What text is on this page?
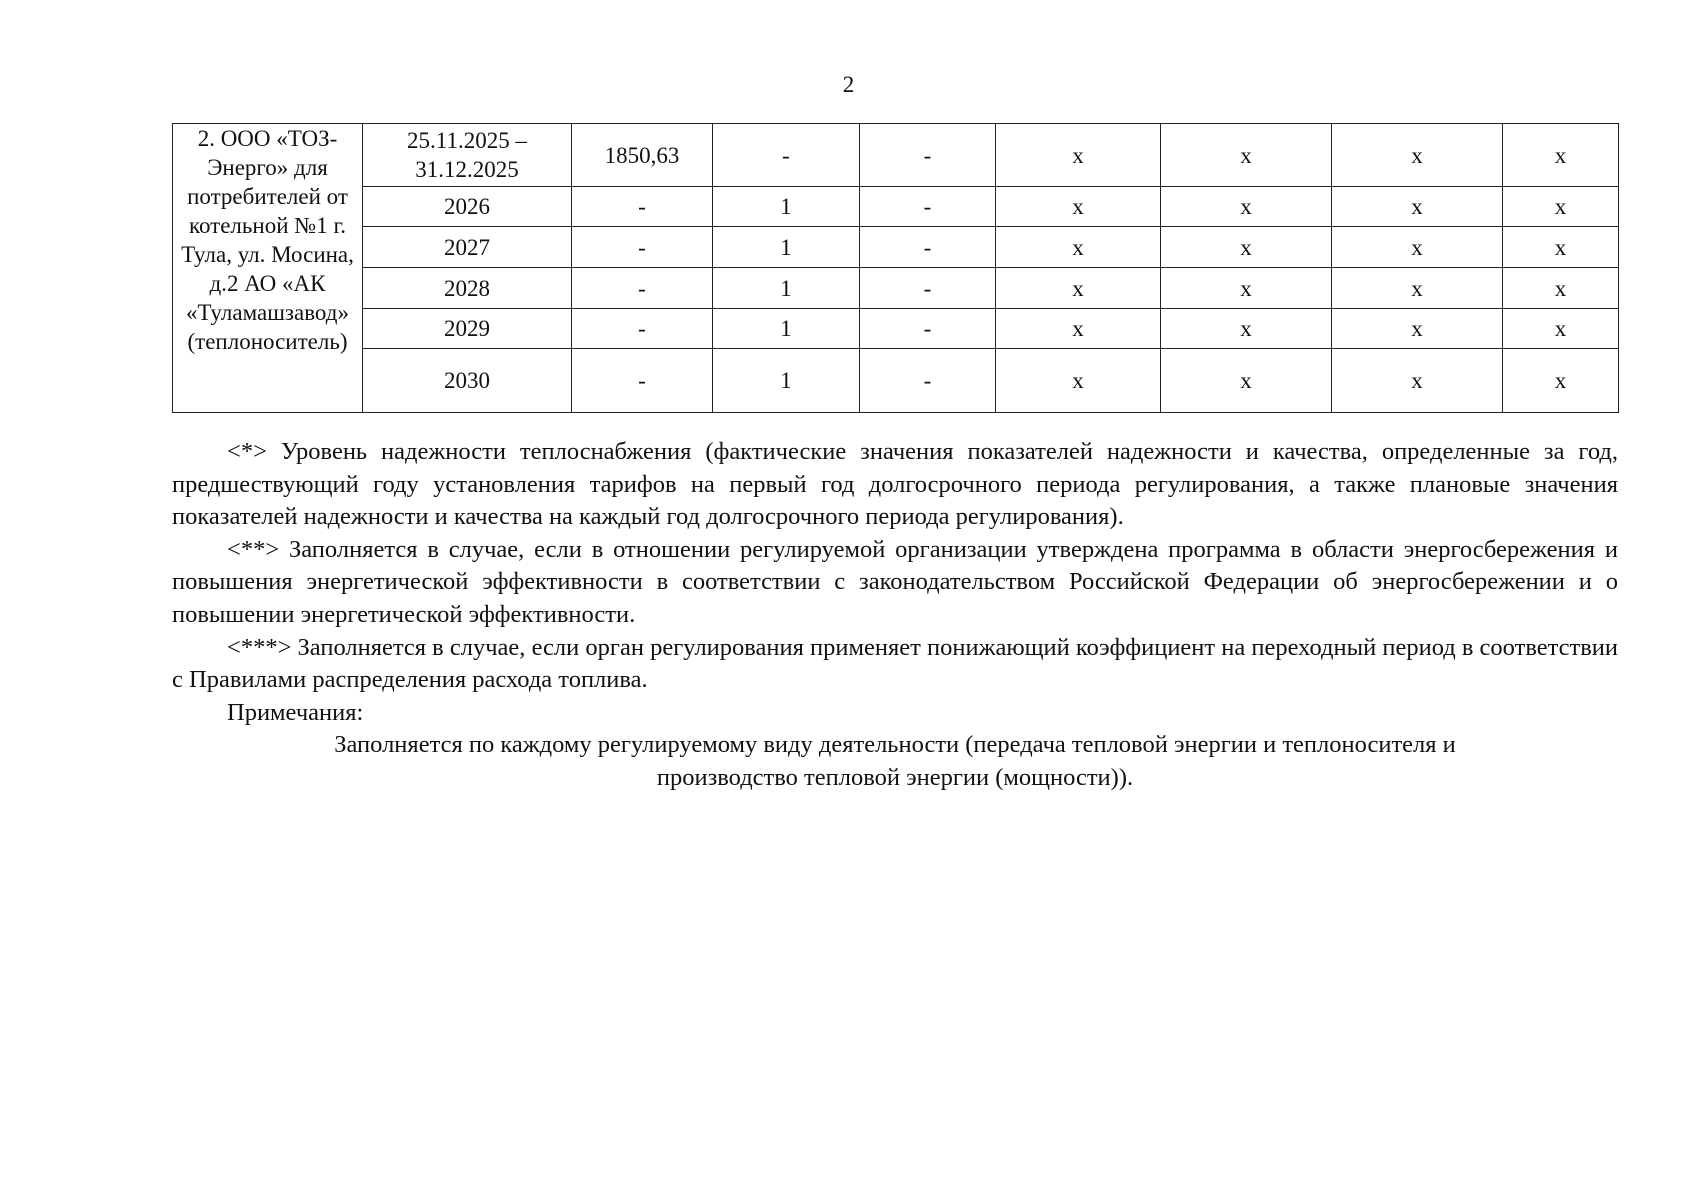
2
2. ООО «ТОЗ-Энерго» для потребителей от котельной №1 г. Тула, ул. Мосина, д.2 АО «АК «Туламашзавод» (теплоноситель)	25.11.2025 – 31.12.2025	1850,63	-	-	х	х	х	х
	2026	-	1	-	х	х	х	х
	2027	-	1	-	х	х	х	х
	2028	-	1	-	х	х	х	х
	2029	-	1	-	х	х	х	х
	2030	-	1	-	х	х	х	х

<*> Уровень надежности теплоснабжения (фактические значения показателей надежности и качества, определенные за год, предшествующий году установления тарифов на первый год долгосрочного периода регулирования, а также плановые значения показателей надежности и качества на каждый год долгосрочного периода регулирования).

<**> Заполняется в случае, если в отношении регулируемой организации утверждена программа в области энергосбережения и повышения энергетической эффективности в соответствии с законодательством Российской Федерации об энергосбережении и о повышении энергетической эффективности.

<***> Заполняется в случае, если орган регулирования применяет понижающий коэффициент на переходный период в соответствии с Правилами распределения расхода топлива.

Примечания:

Заполняется по каждому регулируемому виду деятельности (передача тепловой энергии и теплоносителя и

производство тепловой энергии (мощности)).
